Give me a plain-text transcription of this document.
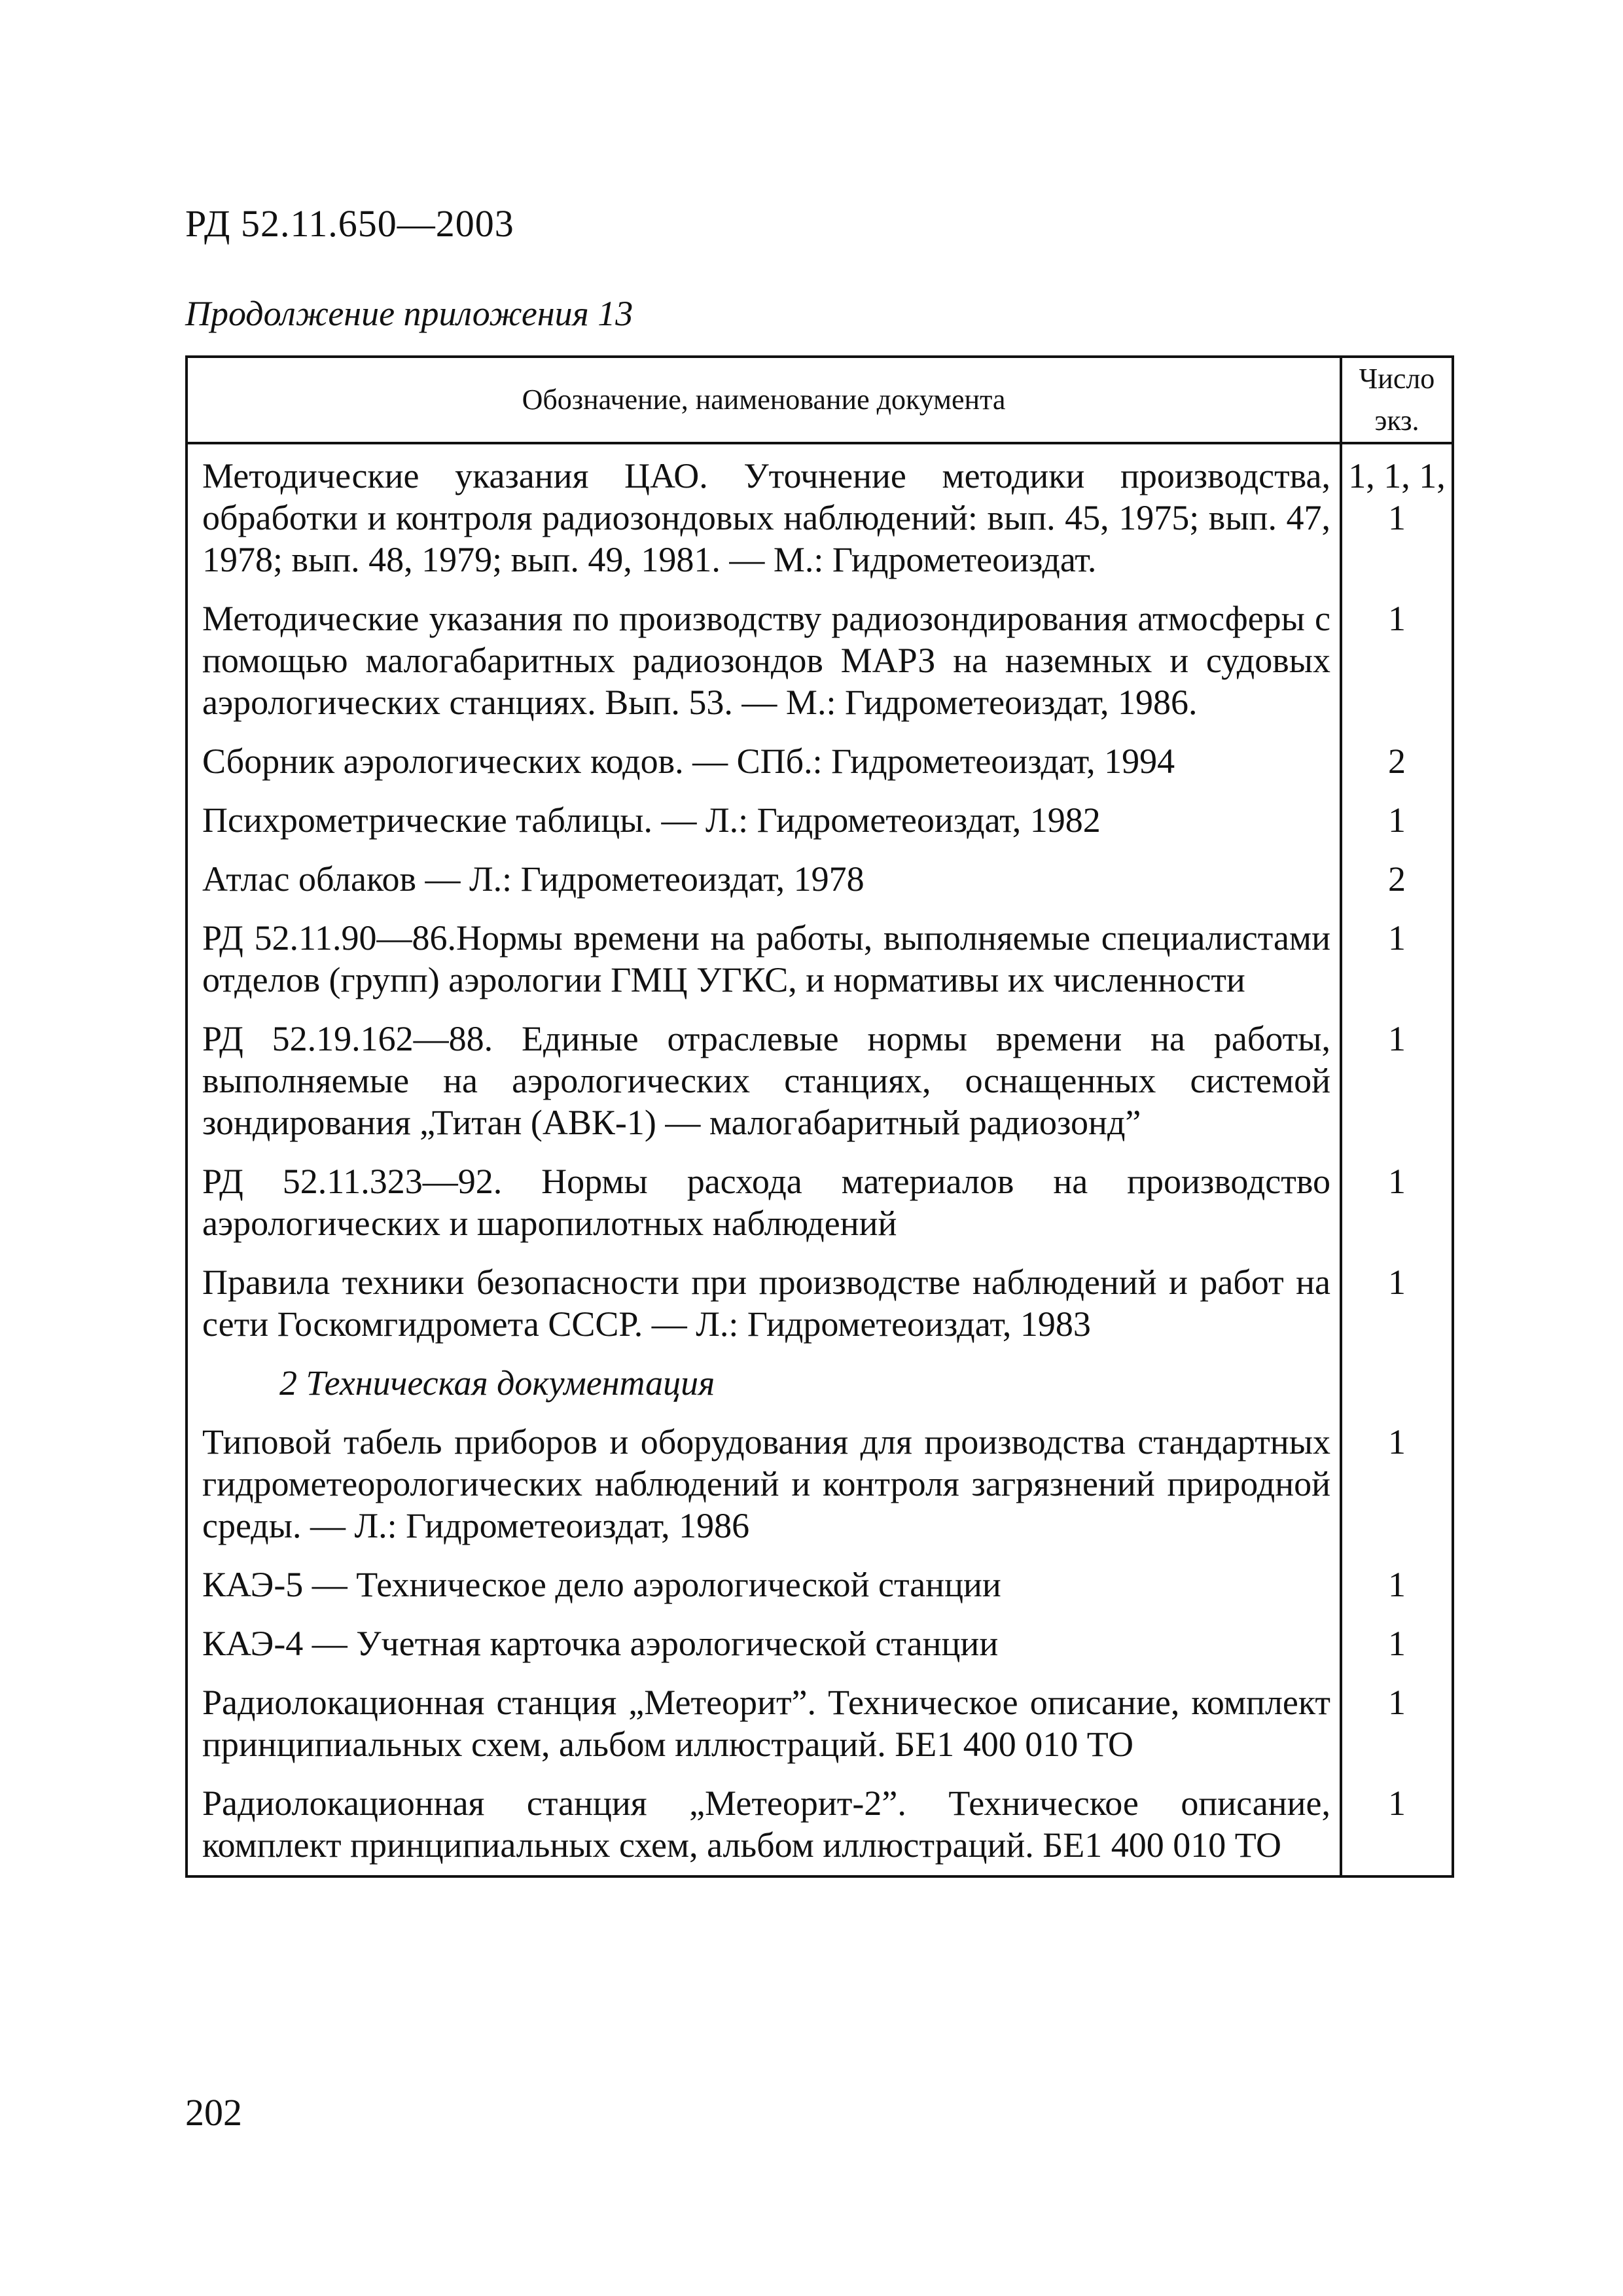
РД 52.11.650—2003
Продолжение приложения 13
Обозначение, наименование документа	Число экз.
Методические указания ЦАО. Уточнение методики производства, обработки и контроля радиозондовых наблюдений: вып. 45, 1975; вып. 47, 1978; вып. 48, 1979; вып. 49, 1981. — М.: Гидрометеоиздат.	1, 1, 1, 1
Методические указания по производству радиозондирования атмосферы с помощью малогабаритных радиозондов МАРЗ на наземных и судовых аэрологических станциях. Вып. 53. — М.: Гидрометеоиздат, 1986.	1
Сборник аэрологических кодов. — СПб.: Гидрометеоиздат, 1994	2
Психрометрические таблицы. — Л.: Гидрометеоиздат, 1982	1
Атлас облаков — Л.: Гидрометеоиздат, 1978	2
РД 52.11.90—86.Нормы времени на работы, выполняемые специалистами отделов (групп) аэрологии ГМЦ УГКС, и нормативы их численности	1
РД 52.19.162—88. Единые отраслевые нормы времени на работы, выполняемые на аэрологических станциях, оснащенных системой зондирования „Титан (АВК-1) — малогабаритный радиозонд”	1
РД 52.11.323—92. Нормы расхода материалов на производство аэрологических и шаропилотных наблюдений	1
Правила техники безопасности при производстве наблюдений и работ на сети Госкомгидромета СССР. — Л.: Гидрометеоиздат, 1983	1
2 Техническая документация	
Типовой табель приборов и оборудования для производства стандартных гидрометеорологических наблюдений и контроля загрязнений природной среды. — Л.: Гидрометеоиздат, 1986	1
КАЭ-5 — Техническое дело аэрологической станции	1
КАЭ-4 — Учетная карточка аэрологической станции	1
Радиолокационная станция „Метеорит”. Техническое описание, комплект принципиальных схем, альбом иллюстраций. БЕ1 400 010 ТО	1
Радиолокационная станция „Метеорит-2”. Техническое описание, комплект принципиальных схем, альбом иллюстраций. БЕ1 400 010 ТО	1
202
